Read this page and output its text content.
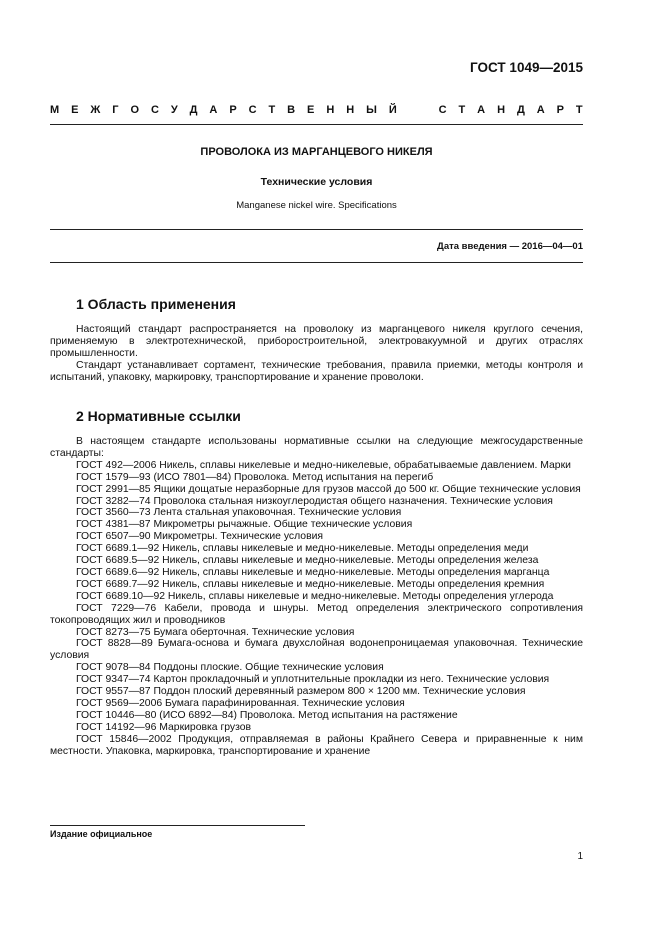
ГОСТ 1049—2015
М Е Ж Г О С У Д А Р С Т В Е Н Н Ы Й	С Т А Н Д А Р Т
ПРОВОЛОКА ИЗ МАРГАНЦЕВОГО НИКЕЛЯ
Технические условия
Manganese nickel wire. Specifications
Дата введения — 2016—04—01
1 Область применения

Настоящий стандарт распространяется на проволоку из марганцевого никеля круглого сечения, применяемую в электротехнической, приборостроительной, электровакуумной и других отраслях промышленности.

Стандарт устанавливает сортамент, технические требования, правила приемки, методы контроля и испытаний, упаковку, маркировку, транспортирование и хранение проволоки.

2 Нормативные ссылки

В настоящем стандарте использованы нормативные ссылки на следующие межгосударственные стандарты:

ГОСТ 492—2006 Никель, сплавы никелевые и медно-никелевые, обрабатываемые давлением. Марки

ГОСТ 1579—93 (ИСО 7801—84) Проволока. Метод испытания на перегиб

ГОСТ 2991—85 Ящики дощатые неразборные для грузов массой до 500 кг. Общие технические условия

ГОСТ 3282—74 Проволока стальная низкоуглеродистая общего назначения. Технические условия

ГОСТ 3560—73 Лента стальная упаковочная. Технические условия

ГОСТ 4381—87 Микрометры рычажные. Общие технические условия

ГОСТ 6507—90 Микрометры. Технические условия

ГОСТ 6689.1—92 Никель, сплавы никелевые и медно-никелевые. Методы определения меди

ГОСТ 6689.5—92 Никель, сплавы никелевые и медно-никелевые. Методы определения железа

ГОСТ 6689.6—92 Никель, сплавы никелевые и медно-никелевые. Методы определения марганца

ГОСТ 6689.7—92 Никель, сплавы никелевые и медно-никелевые. Методы определения кремния

ГОСТ 6689.10—92 Никель, сплавы никелевые и медно-никелевые. Методы определения углерода

ГОСТ 7229—76 Кабели, провода и шнуры. Метод определения электрического сопротивления токопроводящих жил и проводников

ГОСТ 8273—75 Бумага оберточная. Технические условия

ГОСТ 8828—89 Бумага-основа и бумага двухслойная водонепроницаемая упаковочная. Технические условия

ГОСТ 9078—84 Поддоны плоские. Общие технические условия

ГОСТ 9347—74 Картон прокладочный и уплотнительные прокладки из него. Технические условия

ГОСТ 9557—87 Поддон плоский деревянный размером 800 × 1200 мм. Технические условия

ГОСТ 9569—2006 Бумага парафинированная. Технические условия

ГОСТ 10446—80 (ИСО 6892—84) Проволока. Метод испытания на растяжение

ГОСТ 14192—96 Маркировка грузов

ГОСТ 15846—2002 Продукция, отправляемая в районы Крайнего Севера и приравненные к ним местности. Упаковка, маркировка, транспортирование и хранение

Издание официальное
1
